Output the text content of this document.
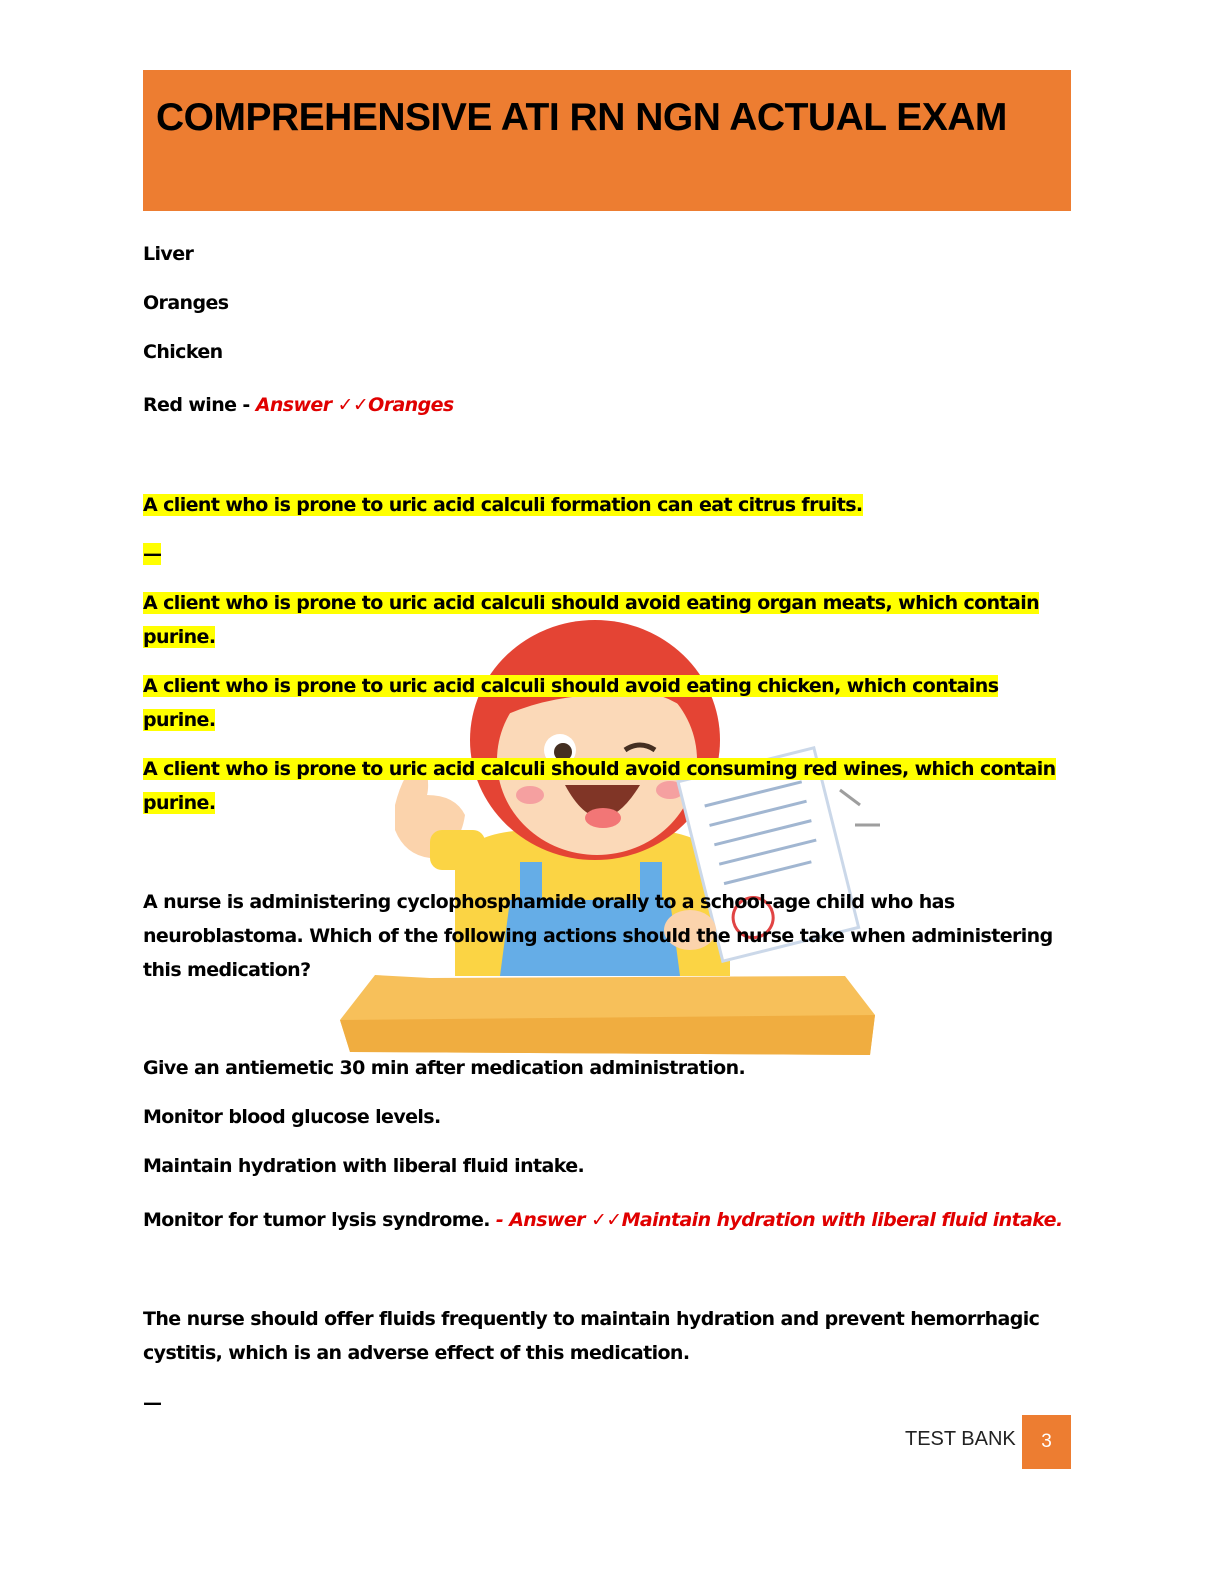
COMPREHENSIVE ATI RN NGN ACTUAL EXAM
Liver
Oranges
Chicken
Red wine - Answer ✓✓Oranges
A client who is prone to uric acid calculi formation can eat citrus fruits.
—
A client who is prone to uric acid calculi should avoid eating organ meats, which contain purine.
A client who is prone to uric acid calculi should avoid eating chicken, which contains purine.
A client who is prone to uric acid calculi should avoid consuming red wines, which contain purine.
A nurse is administering cyclophosphamide orally to a school-age child who has neuroblastoma. Which of the following actions should the nurse take when administering this medication?
Give an antiemetic 30 min after medication administration.
Monitor blood glucose levels.
Maintain hydration with liberal fluid intake.
Monitor for tumor lysis syndrome. - Answer ✓✓Maintain hydration with liberal fluid intake.
The nurse should offer fluids frequently to maintain hydration and prevent hemorrhagic cystitis, which is an adverse effect of this medication.
—
TEST BANK	3
